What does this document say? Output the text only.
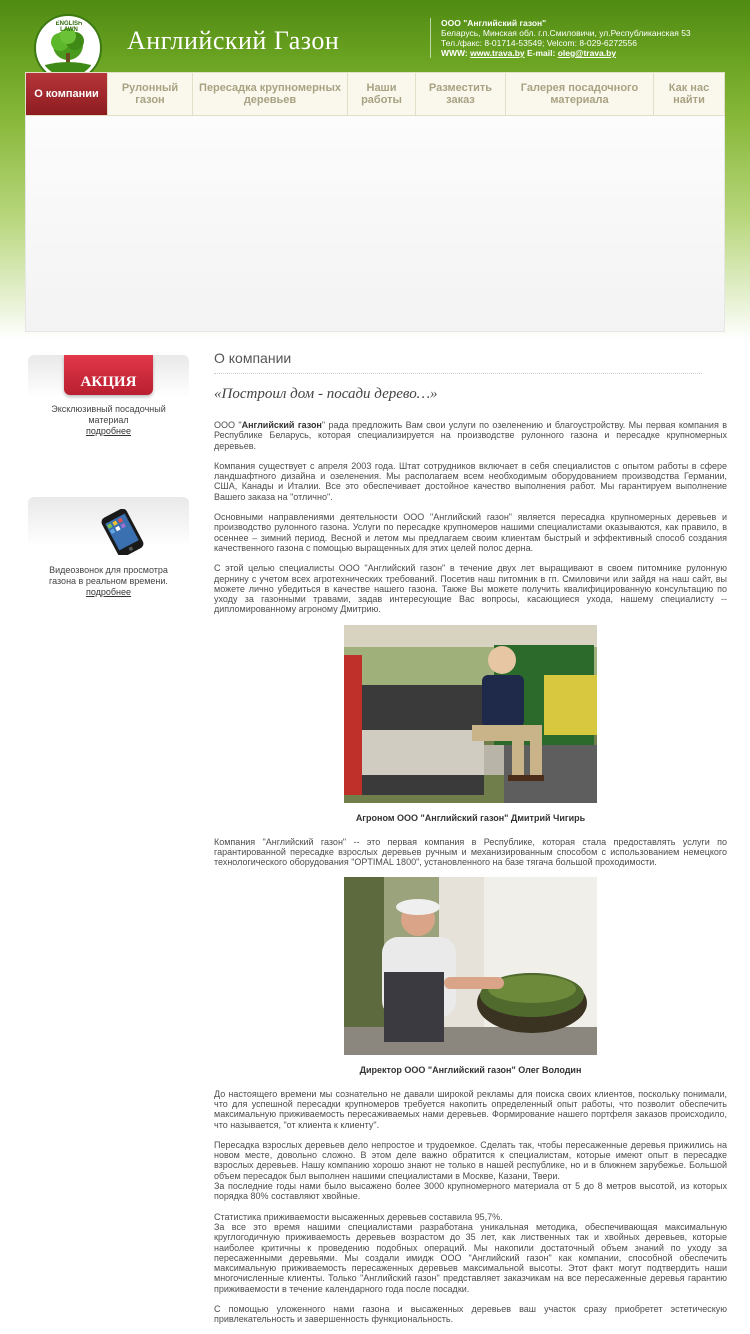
ENGLISH LAWN	Английский Газон
ООО "Английский газон"
Беларусь, Минская обл. г.п.Смиловичи, ул.Республиканская 53
Тел./факс: 8-01714-53549; Velcom: 8-029-6272556
WWW: www.trava.by E-mail: oleg@trava.by
О компании	Рулонный газон
Пересадка крупномерных деревьев
Наши работы
Разместить заказ
Галерея посадочного материала
Как нас найти
АКЦИЯ
Эксклюзивный посадочный материал
подробнее
Видеозвонок для просмотра газона в реальном времени.
подробнее
О компании
«Построил дом - посади дерево…»

ООО "Английский газон" рада предложить Вам свои услуги по озеленению и благоустройству. Мы первая компания в Республике Беларусь, которая специализируется на производстве рулонного газона и пересадке крупномерных деревьев.

Компания существует с апреля 2003 года. Штат сотрудников включает в себя специалистов с опытом работы в сфере ландшафтного дизайна и озеленения. Мы располагаем всем необходимым оборудованием производства Германии, США, Канады и Италии. Все это обеспечивает достойное качество выполнения работ. Мы гарантируем выполнение Вашего заказа на "отлично".

Основными направлениями деятельности ООО "Английский газон" является пересадка крупномерных деревьев и производство рулонного газона. Услуги по пересадке крупномеров нашими специалистами оказываются, как правило, в осеннее – зимний период. Весной и летом мы предлагаем своим клиентам быстрый и эффективный способ создания качественного газона с помощью выращенных для этих целей полос дерна.

С этой целью специалисты ООО "Английский газон" в течение двух лет выращивают в своем питомнике рулонную дернину с учетом всех агротехнических требований. Посетив наш питомник в гп. Смиловичи или зайдя на наш сайт, вы можете лично убедиться в качестве нашего газона. Также Вы можете получить квалифицированную консультацию по уходу за газонными травами, задав интересующие Вас вопросы, касающиеся ухода, нашему специалисту -- дипломированному агроному Дмитрию.

Агроном ООО "Английский газон" Дмитрий Чигирь

Компания "Английский газон" -- это первая компания в Республике, которая стала предоставлять услуги по гарантированной пересадке взрослых деревьев ручным и механизированным способом с использованием немецкого технологического оборудования "OPTIMAL 1800", установленного на базе тягача большой проходимости.

Директор ООО "Английский газон" Олег Володин

До настоящего времени мы сознательно не давали широкой рекламы для поиска своих клиентов, поскольку понимали, что для успешной пересадки крупномеров требуется накопить определенный опыт работы, что позволит обеспечить максимальную приживаемость пересаживаемых нами деревьев. Формирование нашего портфеля заказов происходило, что называется, "от клиента к клиенту".

Пересадка взрослых деревьев дело непростое и трудоемкое. Сделать так, чтобы пересаженные деревья прижились на новом месте, довольно сложно. В этом деле важно обратится к специалистам, которые имеют опыт в пересадке взрослых деревьев. Нашу компанию хорошо знают не только в нашей республике, но и в ближнем зарубежье. Большой объем пересадок был выполнен нашими специалистами в Москве, Казани, Твери.
За последние годы нами было высажено более 3000 крупномерного материала от 5 до 8 метров высотой, из которых порядка 80% составляют хвойные.

Статистика приживаемости высаженных деревьев составила 95,7%.
За все это время нашими специалистами разработана уникальная методика, обеспечивающая максимальную круглогодичную приживаемость деревьев возрастом до 35 лет, как лиственных так и хвойных деревьев, которые наиболее критичны к проведению подобных операций. Мы накопили достаточный объем знаний по уходу за пересаженными деревьями. Мы создали имидж ООО "Английский газон" как компании, способной обеспечить максимальную приживаемость пересаженных деревьев максимальной высоты. Этот факт могут подтвердить наши многочисленные клиенты. Только "Английский газон" представляет заказчикам на все пересаженные деревья гарантию приживаемости в течение календарного года после посадки.

С помощью уложенного нами газона и высаженных деревьев ваш участок сразу приобретет эстетическую привлекательность и завершенность функциональность.
